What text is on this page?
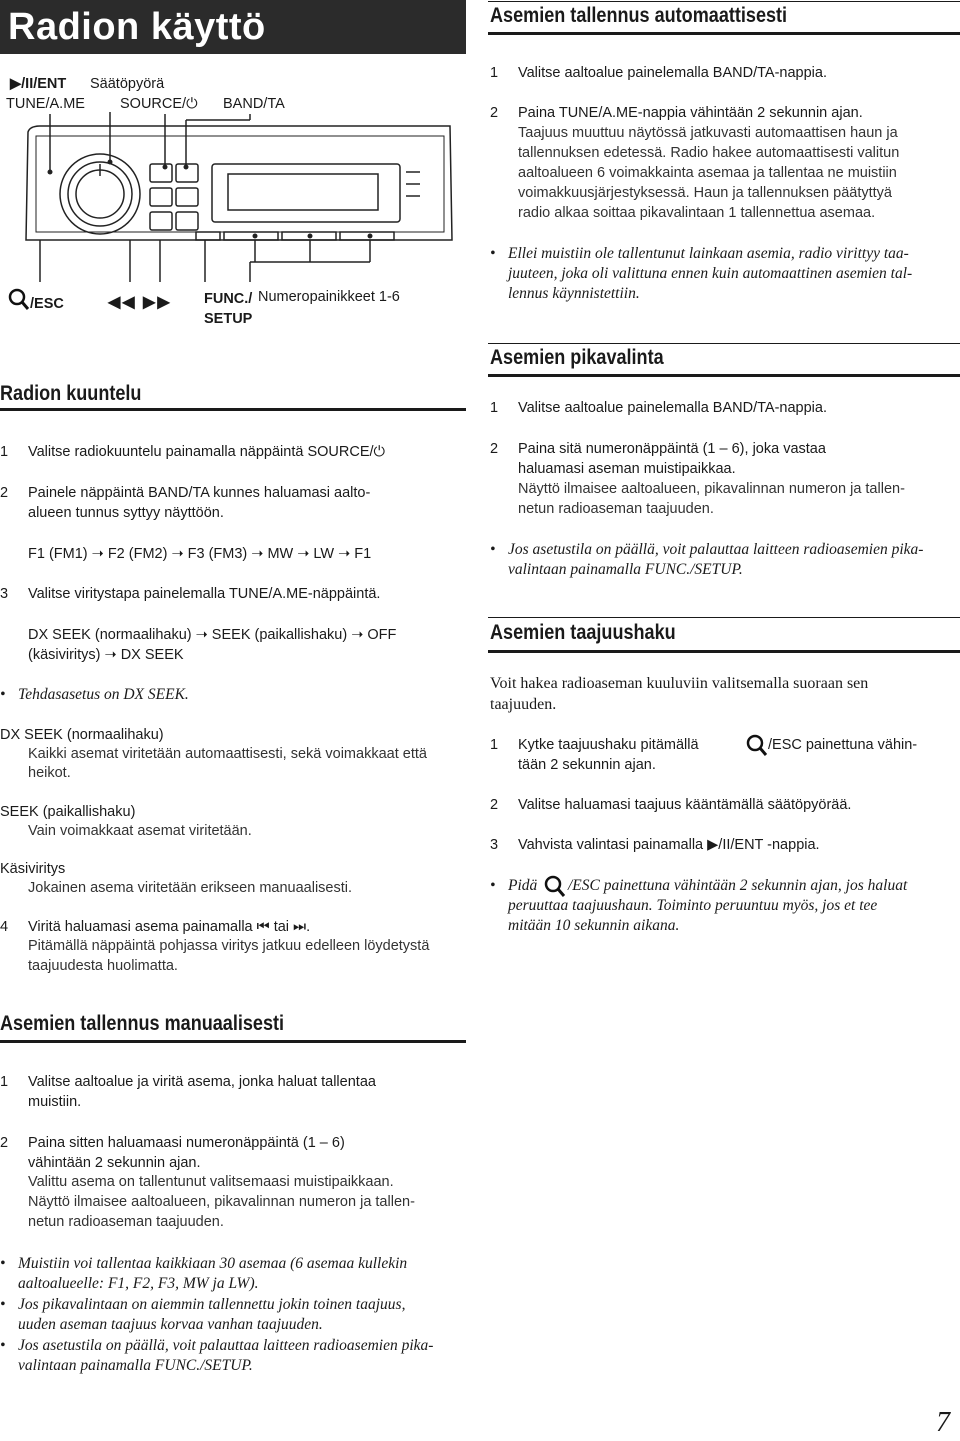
Radion käyttö
▶/II/ENT Säätöpyörä
TUNE/A.ME SOURCE/⏻ BAND/TA
/ESC	◀◀ ▶▶ FUNC./
SETUP
Numeropainikkeet 1-6
Radion kuuntelu
1 Valitse radiokuuntelu painamalla näppäintä SOURCE/⏻
2 Painele näppäintä BAND/TA kunnes haluamasi aalto-
alueen tunnus syttyy näyttöön.
F1 (FM1) ➝ F2 (FM2) ➝ F3 (FM3) ➝ MW ➝ LW ➝ F1
3 Valitse viritystapa painelemalla TUNE/A.ME-näppäintä.
DX SEEK (normaalihaku) ➝ SEEK (paikallishaku) ➝ OFF
(käsiviritys) ➝ DX SEEK
• Tehdasasetus on DX SEEK.
DX SEEK (normaalihaku)
Kaikki asemat viritetään automaattisesti, sekä voimakkaat että
heikot.
SEEK (paikallishaku)
Vain voimakkaat asemat viritetään.
Käsiviritys
Jokainen asema viritetään erikseen manuaalisesti.
4 Viritä haluamasi asema painamalla ⏮ tai ⏭.
Pitämällä näppäintä pohjassa viritys jatkuu edelleen löydetystä
taajuudesta huolimatta.
Asemien tallennus manuaalisesti
1 Valitse aaltoalue ja viritä asema, jonka haluat tallentaa
muistiin.
2 Paina sitten haluamaasi numeronäppäintä (1 – 6)
vähintään 2 sekunnin ajan.
Valittu asema on tallentunut valitsemaasi muistipaikkaan.
Näyttö ilmaisee aaltoalueen, pikavalinnan numeron ja tallen-
netun radioaseman taajuuden.
• Muistiin voi tallentaa kaikkiaan 30 asemaa (6 asemaa kullekin
aaltoalueelle: F1, F2, F3, MW ja LW).
• Jos pikavalintaan on aiemmin tallennettu jokin toinen taajuus,
uuden aseman taajuus korvaa vanhan taajuuden.
• Jos asetustila on päällä, voit palauttaa laitteen radioasemien pika-
valintaan painamalla FUNC./SETUP.
Asemien tallennus automaattisesti
1 Valitse aaltoalue painelemalla BAND/TA-nappia.
2 Paina TUNE/A.ME-nappia vähintään 2 sekunnin ajan.
Taajuus muuttuu näytössä jatkuvasti automaattisen haun ja
tallennuksen edetessä. Radio hakee automaattisesti valitun
aaltoalueen 6 voimakkainta asemaa ja tallentaa ne muistiin
voimakkuusjärjestyksessä. Haun ja tallennuksen päätyttyä
radio alkaa soittaa pikavalintaan 1 tallennettua asemaa.
• Ellei muistiin ole tallentunut lainkaan asemia, radio virittyy taa-
juuteen, joka oli valittuna ennen kuin automaattinen asemien tal-
lennus käynnistettiin.
Asemien pikavalinta
1 Valitse aaltoalue painelemalla BAND/TA-nappia.
2 Paina sitä numeronäppäintä (1 – 6), joka vastaa
haluamasi aseman muistipaikkaa.
Näyttö ilmaisee aaltoalueen, pikavalinnan numeron ja tallen-
netun radioaseman taajuuden.
• Jos asetustila on päällä, voit palauttaa laitteen radioasemien pika-
valintaan painamalla FUNC./SETUP.
Asemien taajuushaku
Voit hakea radioaseman kuuluviin valitsemalla suoraan sen
taajuuden.
1 Kytke taajuushaku pitämällä	/ESC painettuna vähin-
tään 2 sekunnin ajan.
2 Valitse haluamasi taajuus kääntämällä säätöpyörää.
3 Vahvista valintasi painamalla ▶/II/ENT -nappia.
• Pidä /ESC painettuna vähintään 2 sekunnin ajan, jos haluat
peruuttaa taajuushaun. Toiminto peruuntuu myös, jos et tee
mitään 10 sekunnin aikana.
7
